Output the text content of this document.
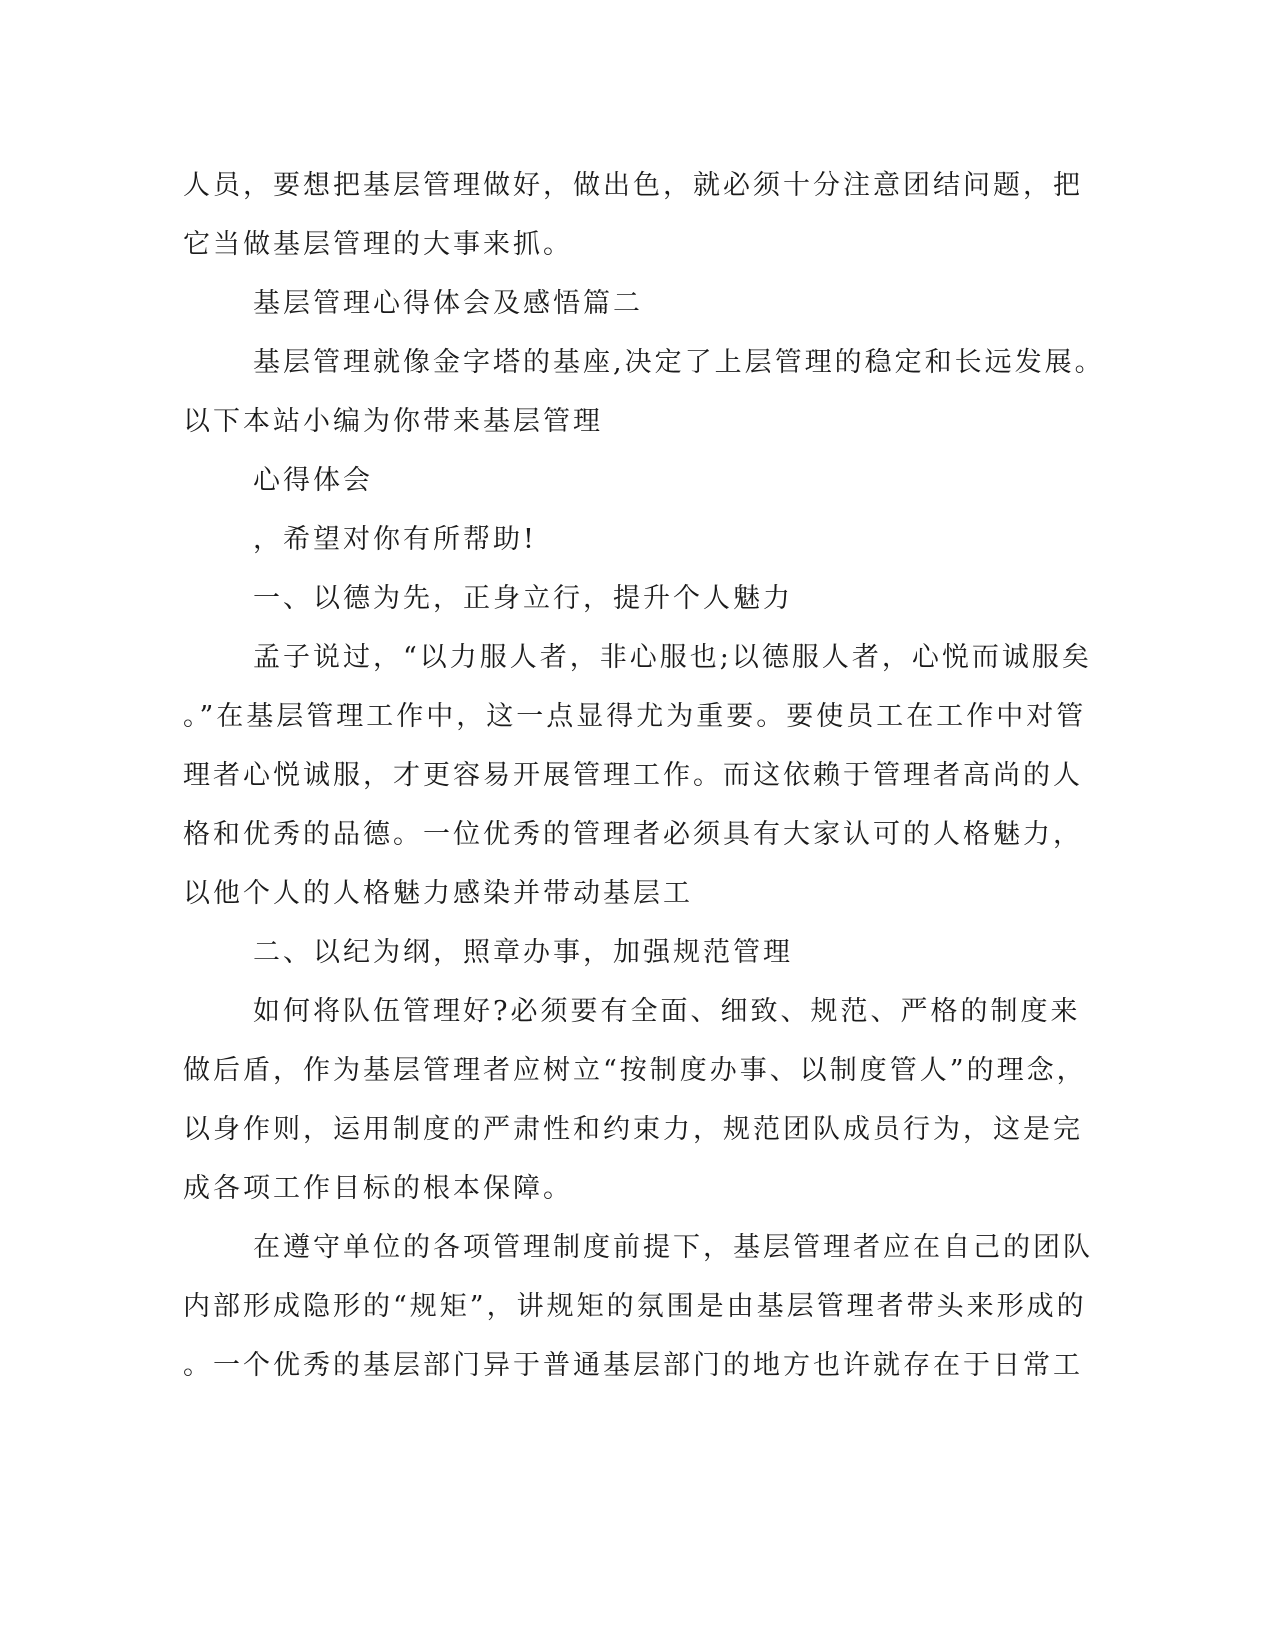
人员，要想把基层管理做好，做出色，就必须十分注意团结问题，把
它当做基层管理的大事来抓。
基层管理心得体会及感悟篇二
基层管理就像金字塔的基座,决定了上层管理的稳定和长远发展。
以下本站小编为你带来基层管理
心得体会
，希望对你有所帮助!
一、以德为先，正身立行，提升个人魅力
孟子说过，“以力服人者，非心服也;以德服人者，心悦而诚服矣
。”在基层管理工作中，这一点显得尤为重要。要使员工在工作中对管
理者心悦诚服，才更容易开展管理工作。而这依赖于管理者高尚的人
格和优秀的品德。一位优秀的管理者必须具有大家认可的人格魅力，
以他个人的人格魅力感染并带动基层工
二、以纪为纲，照章办事，加强规范管理
如何将队伍管理好?必须要有全面、细致、规范、严格的制度来
做后盾，作为基层管理者应树立“按制度办事、以制度管人”的理念，
以身作则，运用制度的严肃性和约束力，规范团队成员行为，这是完
成各项工作目标的根本保障。
在遵守单位的各项管理制度前提下，基层管理者应在自己的团队
内部形成隐形的“规矩”，讲规矩的氛围是由基层管理者带头来形成的
。一个优秀的基层部门异于普通基层部门的地方也许就存在于日常工
